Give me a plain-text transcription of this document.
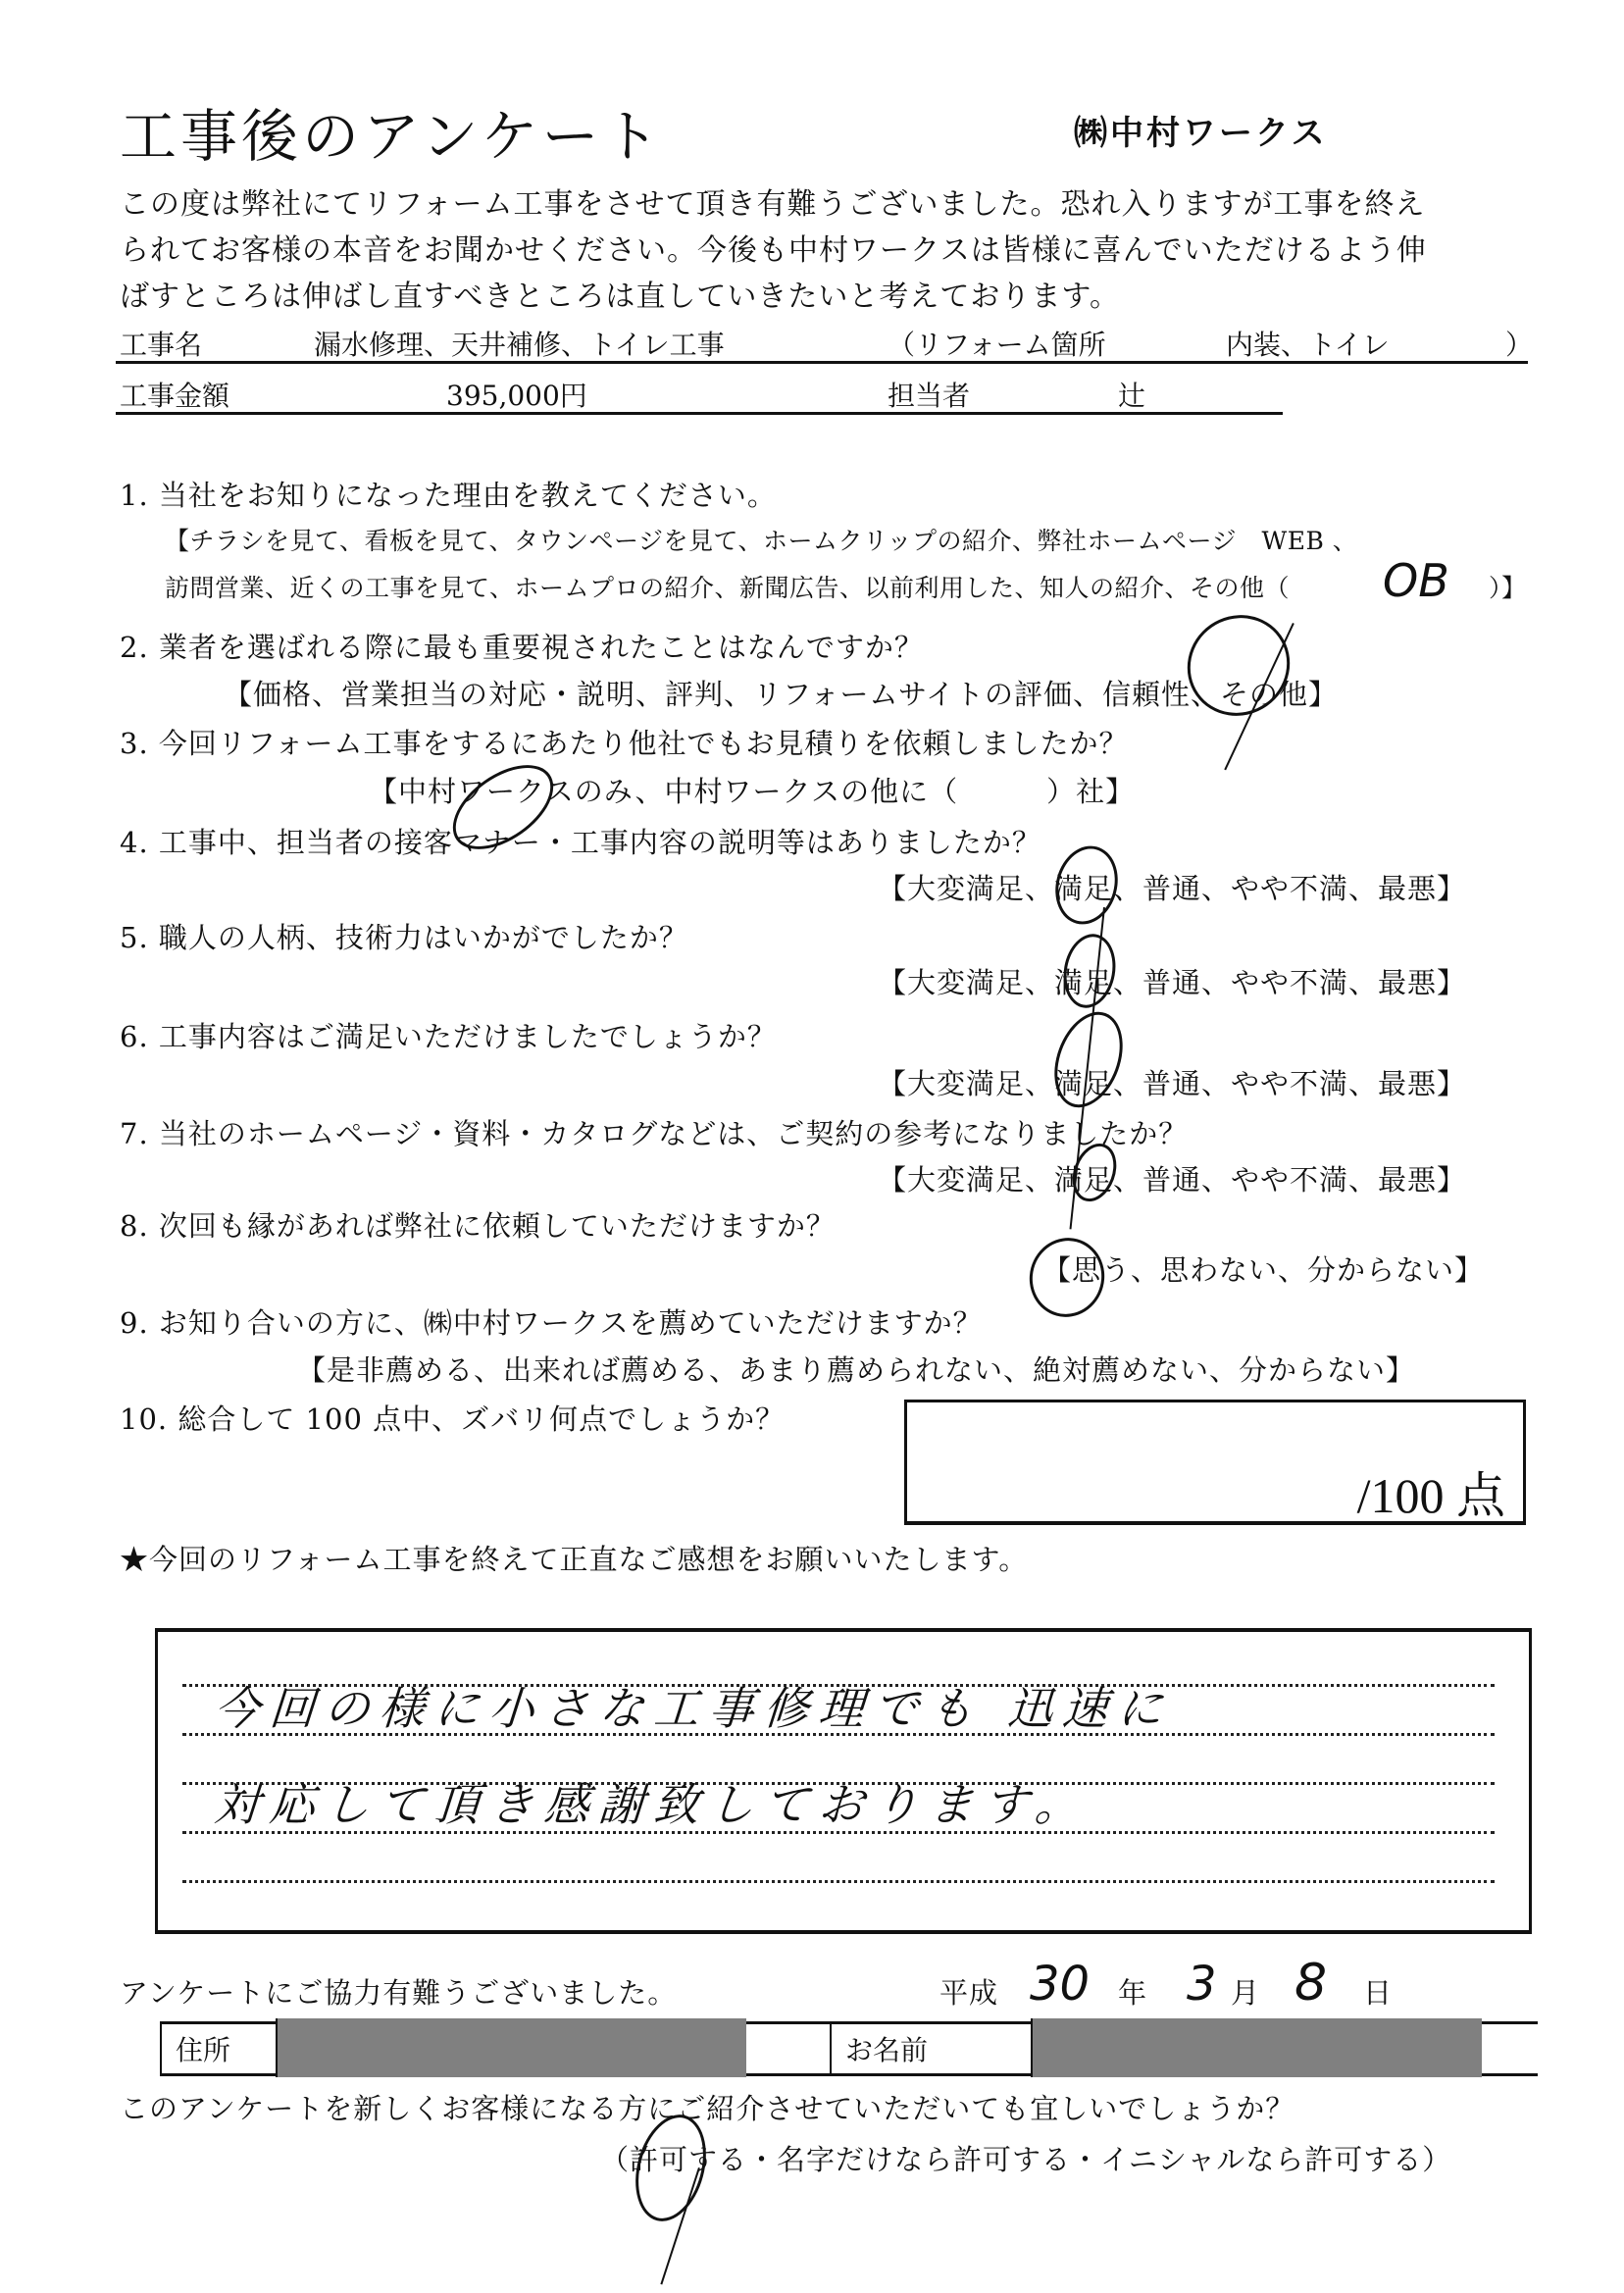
工事後のアンケート	㈱中村ワークス
この度は弊社にてリフォーム工事をさせて頂き有難うございました。恐れ入りますが工事を終え
られてお客様の本音をお聞かせください。今後も中村ワークスは皆様に喜んでいただけるよう伸
ばすところは伸ばし直すべきところは直していきたいと考えております。
工事名	漏水修理、天井補修、トイレ工事	（リフォーム箇所	内装、トイレ	）
工事金額	395,000円	担当者	辻
1. 当社をお知りになった理由を教えてください。
【チラシを見て、看板を見て、タウンページを見て、ホームクリップの紹介、弊社ホームページ　WEB 、
訪問営業、近くの工事を見て、ホームプロの紹介、新聞広告、以前利用した、知人の紹介、その他（ OB ）】
2. 業者を選ばれる際に最も重要視されたことはなんですか？
【価格、営業担当の対応・説明、評判、リフォームサイトの評価、信頼性、その他】
3. 今回リフォーム工事をするにあたり他社でもお見積りを依頼しましたか？
【中村ワークスのみ、中村ワークスの他に（　　　）社】
4. 工事中、担当者の接客マナー・工事内容の説明等はありましたか？
【大変満足、満足、普通、やや不満、最悪】
5. 職人の人柄、技術力はいかがでしたか？
【大変満足、満足、普通、やや不満、最悪】
6. 工事内容はご満足いただけましたでしょうか？
【大変満足、満足、普通、やや不満、最悪】
7. 当社のホームページ・資料・カタログなどは、ご契約の参考になりましたか？
【大変満足、満足、普通、やや不満、最悪】
8. 次回も縁があれば弊社に依頼していただけますか？
【思う、思わない、分からない】
9. お知り合いの方に、㈱中村ワークスを薦めていただけますか？
【是非薦める、出来れば薦める、あまり薦められない、絶対薦めない、分からない】
10. 総合して 100 点中、ズバリ何点でしょうか？
/100 点
★今回のリフォーム工事を終えて正直なご感想をお願いいたします。
今回の様に小さな工事修理でも 迅速に
対応して頂き感謝致しております。
アンケートにご協力有難うございました。	平成 30 年 3 月 8 日
住所	お名前
このアンケートを新しくお客様になる方にご紹介させていただいても宜しいでしょうか？
（許可する・名字だけなら許可する・イニシャルなら許可する）
